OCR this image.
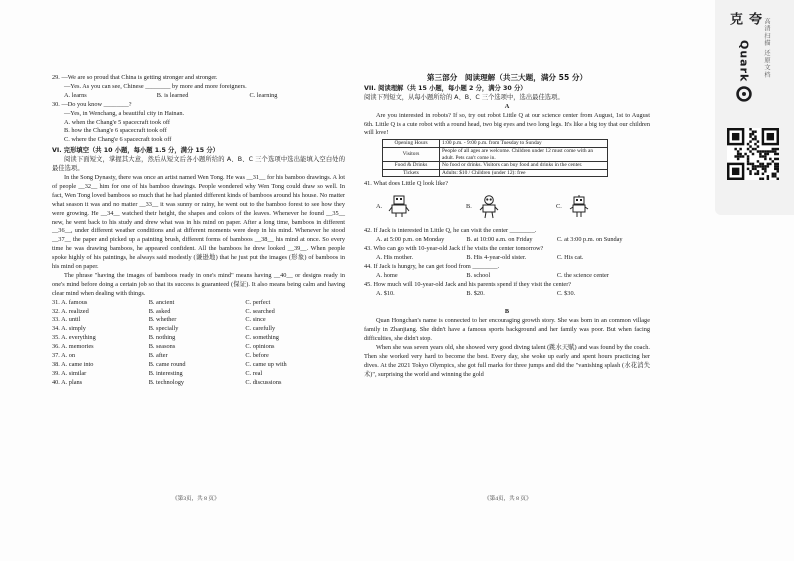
29. —We are so proud that China is getting stronger and stronger.
—Yes. As you can see, Chinese ________ by more and more foreigners.
A. learns	B. is learned	C. learning
30. —Do you know ________?
—Yes, in Wenchang, a beautiful city in Hainan.
A. when the Chang'e 5 spacecraft took off
B. how the Chang'e 6 spacecraft took off
C. where the Chang'e 6 spacecraft took off
VI. 完形填空（共 10 小题，每小题 1.5 分，满分 15 分）
阅读下面短文，掌握其大意，然后从短文后各小题所给的 A、B、C 三个选项中选出能填入空白处的最佳选项。
In the Song Dynasty, there was once an artist named Wen Tong. He was __31__ for his bamboo drawings. A lot of people __32__ him for one of his bamboo drawings. People wondered why Wen Tong could draw so well. In fact, Wen Tong loved bamboos so much that he had planted different kinds of bamboos around his house. No matter what season it was and no matter __33__ it was sunny or rainy, he went out to the bamboo forest to see how they were growing. He __34__ watched their height, the shapes and colors of the leaves. Whenever he found __35__ new, he went back to his study and drew what was in his mind on paper. After a long time, bamboos in different __36__, under different weather conditions and at different moments were deep in his mind. Whenever he stood __37__ the paper and picked up a painting brush, different forms of bamboos __38__ his mind at once. So every time he was drawing bamboos, he appeared confident. All the bamboos he drew looked __39__. When people spoke highly of his paintings, he always said modestly (谦逊地) that he just put the images (形象) of bamboos in his mind on paper.
The phrase "having the images of bamboos ready in one's mind" means having __40__ or designs ready in one's mind before doing a certain job so that its success is guaranteed (保证). It also means being calm and having clear mind when dealing with things.
31. A. famous	B. ancient	C. perfect
32. A. realized	B. asked	C. searched
33. A. until	B. whether	C. since
34. A. simply	B. specially	C. carefully
35. A. everything	B. nothing	C. something
36. A. memories	B. seasons	C. opinions
37. A. on	B. after	C. before
38. A. came into	B. came round	C. came up with
39. A. similar	B. interesting	C. real
40. A. plans	B. technology	C. discussions
《第3页，共 8 页》
第三部分　阅读理解（共三大题，满分 55 分）
VII. 阅读理解（共 15 小题，每小题 2 分，满分 30 分）
阅读下列短文，从每小题所给的 A、B、C 三个选项中，选出最佳选项。
A
Are you interested in robots? If so, try out robot Little Q at our science center from August, 1st to August 6th. Little Q is a cute robot with a round head, two big eyes and two long legs. It's like a big toy that our children will love!
Opening Hours	1:00 p.m. - 9:00 p.m. from Tuesday to Sunday
Visitors	People of all ages are welcome. Children under 12 must come with an adult. Pets can't come in.
Food & Drinks	No food or drinks. Visitors can buy food and drinks in the center.
Tickets	Adults: $10 / Children (under 12): free
41. What does Little Q look like?
A.	B.	C.
42. If Jack is interested in Little Q, he can visit the center ________.
A. at 5:00 p.m. on Monday	B. at 10:00 a.m. on Friday	C. at 3:00 p.m. on Sunday
43. Who can go with 10-year-old Jack if he visits the center tomorrow?
A. His mother.	B. His 4-year-old sister.	C. His cat.
44. If Jack is hungry, he can get food from ________.
A. home	B. school	C. the science center
45. How much will 10-year-old Jack and his parents spend if they visit the center?
A. $10.	B. $20.	C. $30.
B
Quan Hongchan's name is connected to her encouraging growth story. She was born in an common village family in Zhanjiang. She didn't have a famous sports background and her family was poor. But when facing difficulties, she didn't stop.
When she was seven years old, she showed very good diving talent (跳水天赋) and was found by the coach. Then she worked very hard to become the best. Every day, she woke up early and spent hours practicing her dives. At the 2021 Tokyo Olympics, she got full marks for three jumps and did the "vanishing splash (水花消失术)", surprising the world and winning the gold
《第4页，共 8 页》
夸克
Quark 高清扫描 还原文档
